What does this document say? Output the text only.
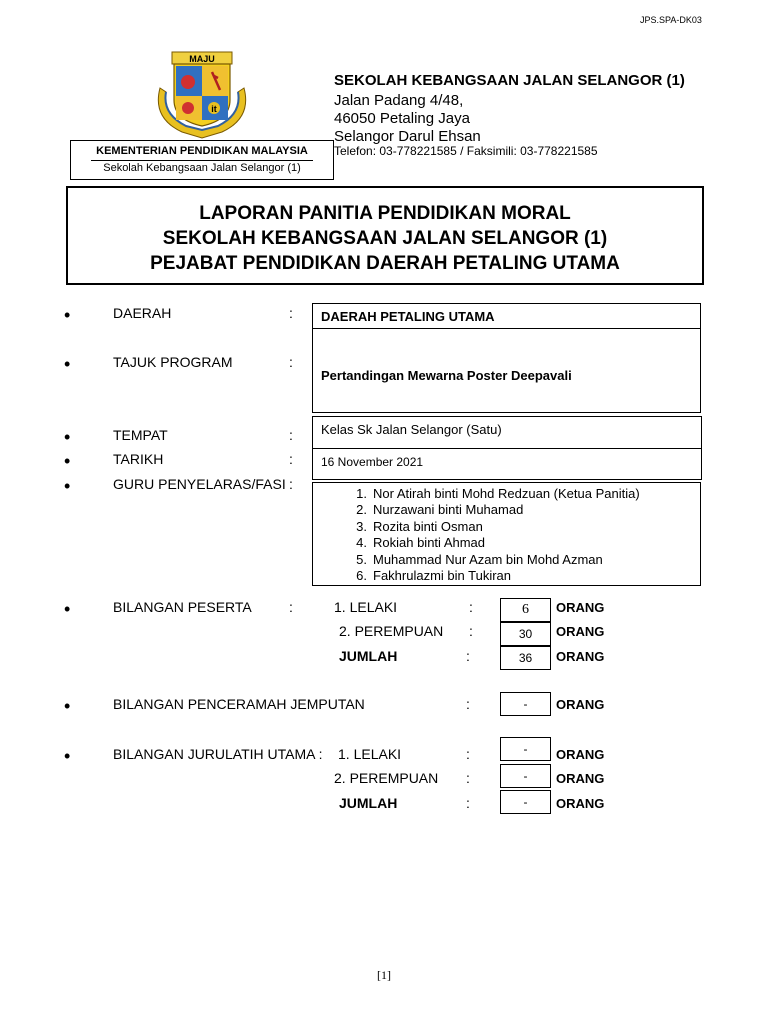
JPS.SPA-DK03
MAJU
it
KEMENTERIAN PENDIDIKAN MALAYSIA
Sekolah Kebangsaan Jalan Selangor (1)
SEKOLAH KEBANGSAAN JALAN SELANGOR (1)
Jalan Padang 4/48,
46050 Petaling Jaya
Selangor Darul Ehsan
Telefon: 03-778221585 / Faksimili: 03-778221585
LAPORAN PANITIA PENDIDIKAN MORAL
SEKOLAH KEBANGSAAN JALAN SELANGOR (1)
PEJABAT PENDIDIKAN DAERAH PETALING UTAMA
•	DAERAH	: DAERAH PETALING UTAMA
•	TAJUK PROGRAM	:
Pertandingan Mewarna Poster Deepavali
•	TEMPAT	: Kelas Sk Jalan Selangor (Satu)
•	TARIKH	: 16 November 2021
•	GURU PENYELARAS/FASI :
1. Nor Atirah binti Mohd Redzuan (Ketua Panitia)
2. Nurzawani binti Muhamad
3. Rozita binti Osman
4. Rokiah binti Ahmad
5. Muhammad Nur Azam bin Mohd Azman
6. Fakhrulazmi bin Tukiran
•	BILANGAN PESERTA	:	1. LELAKI	:	6	ORANG
2. PEREMPUAN :	30	ORANG
JUMLAH	:	36	ORANG
•	BILANGAN PENCERAMAH JEMPUTAN	:	-	ORANG
•	BILANGAN JURULATIH UTAMA : 1. LELAKI	:	-	ORANG
2. PEREMPUAN :	-	ORANG
JUMLAH	:	-	ORANG
[1]
